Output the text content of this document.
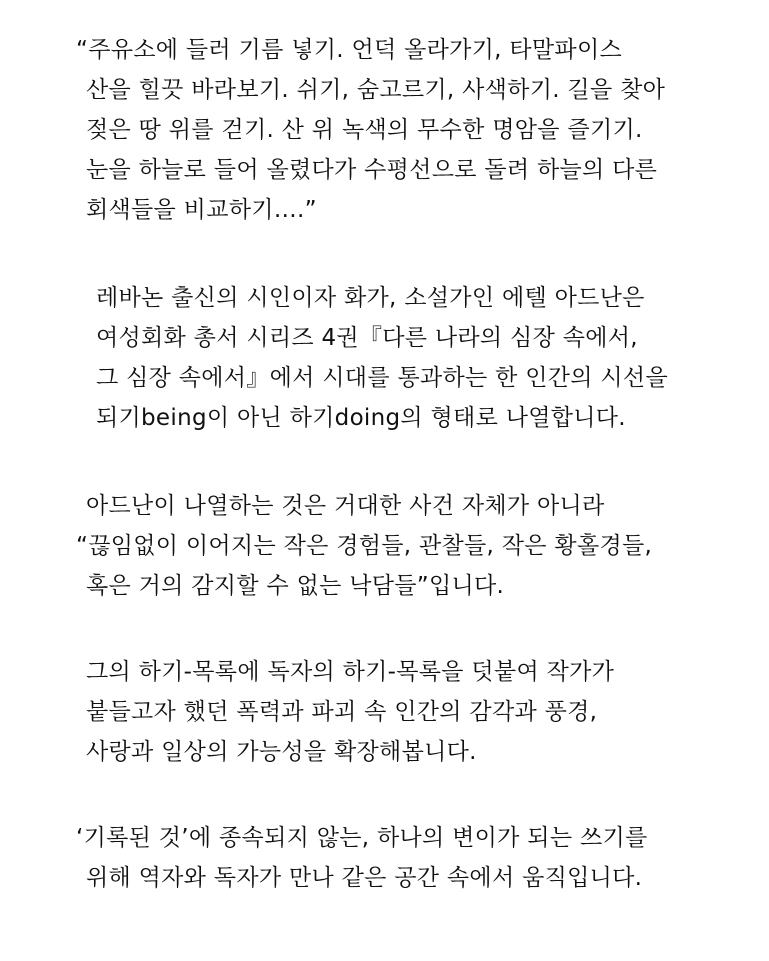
“주유소에 들러 기름 넣기. 언덕 올라가기, 타말파이스
산을 힐끗 바라보기. 쉬기, 숨고르기, 사색하기. 길을 찾아
젖은 땅 위를 걷기. 산 위 녹색의 무수한 명암을 즐기기.
눈을 하늘로 들어 올렸다가 수평선으로 돌려 하늘의 다른
회색들을 비교하기….”
레바논 출신의 시인이자 화가, 소설가인 에텔 아드난은
여성회화 총서 시리즈 4권『다른 나라의 심장 속에서,
그 심장 속에서』에서 시대를 통과하는 한 인간의 시선을
되기being이 아닌 하기doing의 형태로 나열합니다.
아드난이 나열하는 것은 거대한 사건 자체가 아니라
“끊임없이 이어지는 작은 경험들, 관찰들, 작은 황홀경들,
혹은 거의 감지할 수 없는 낙담들”입니다.
그의 하기-목록에 독자의 하기-목록을 덧붙여 작가가
붙들고자 했던 폭력과 파괴 속 인간의 감각과 풍경,
사랑과 일상의 가능성을 확장해봅니다.
‘기록된 것’에 종속되지 않는, 하나의 변이가 되는 쓰기를
위해 역자와 독자가 만나 같은 공간 속에서 움직입니다.
